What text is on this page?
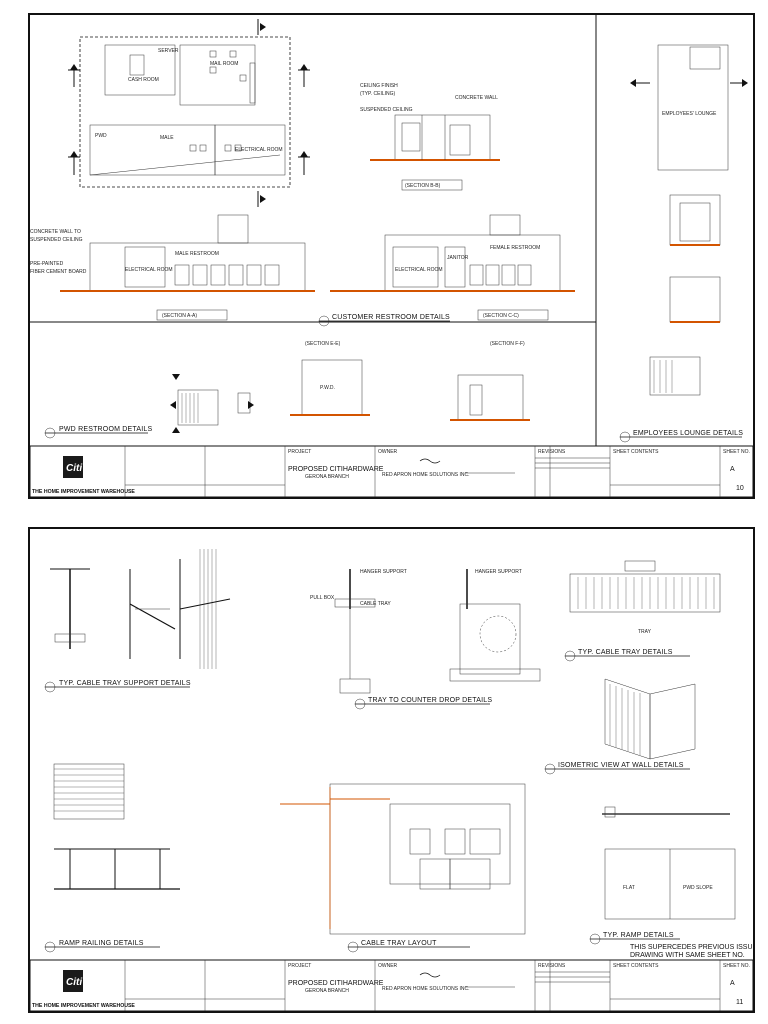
SERVER
MAIL ROOM
CASH ROOM
MALE
ELECTRICAL ROOM
PWD
CEILING FINISH
(TYP. CEILING)
CONCRETE WALL
SUSPENDED CEILING
(SECTION B-B)
MALE RESTROOM
ELECTRICAL ROOM
CONCRETE WALL TO
SUSPENDED CEILING
PRE-PAINTED
FIBER CEMENT BOARD
(SECTION A-A)
FEMALE RESTROOM
ELECTRICAL ROOM
JANITOR
(SECTION C-C)
CUSTOMER RESTROOM DETAILS
PWD RESTROOM DETAILS
P.W.D.
(SECTION E-E)	(SECTION F-F)
EMPLOYEES' LOUNGE
EMPLOYEES LOUNGE DETAILS
Citi
THE HOME IMPROVEMENT WAREHOUSE
PROJECT
PROPOSED CITIHARDWARE
GERONA BRANCH
OWNER
RED APRON HOME SOLUTIONS INC.
REVISIONS	SHEET CONTENTS	SHEET NO.
A
10
TYP. CABLE TRAY SUPPORT DETAILS
HANGER SUPPORT	HANGER SUPPORT
CABLE TRAY
PULL BOX
TRAY TO COUNTER DROP DETAILS
TRAY
TYP. CABLE TRAY DETAILS
ISOMETRIC VIEW AT WALL DETAILS
RAMP RAILING DETAILS	CABLE TRAY LAYOUT
FLAT	PWD SLOPE
TYP. RAMP DETAILS
THIS SUPERCEDES PREVIOUS ISSUED
DRAWING WITH SAME SHEET NO.
Citi
THE HOME IMPROVEMENT WAREHOUSE
PROJECT
PROPOSED CITIHARDWARE
GERONA BRANCH
OWNER
RED APRON HOME SOLUTIONS INC.
REVISIONS	SHEET CONTENTS	SHEET NO.
A
11
